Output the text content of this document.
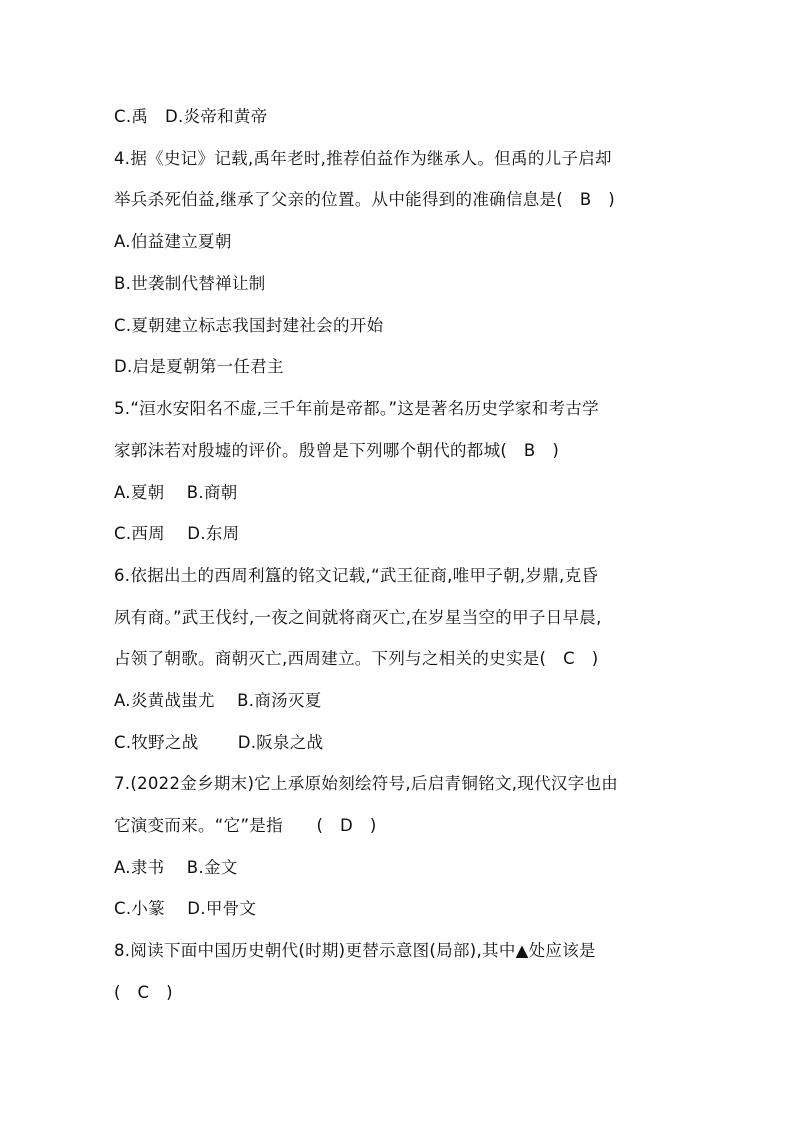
C.禹　D.炎帝和黄帝
4.据《史记》记载,禹年老时,推荐伯益作为继承人。但禹的儿子启却
举兵杀死伯益,继承了父亲的位置。从中能得到的准确信息是(　B　)
A.伯益建立夏朝
B.世袭制代替禅让制
C.夏朝建立标志我国封建社会的开始
D.启是夏朝第一任君主
5.“洹水安阳名不虚,三千年前是帝都。”这是著名历史学家和考古学
家郭沫若对殷墟的评价。殷曾是下列哪个朝代的都城(　B　)
A.夏朝　 B.商朝
C.西周　 D.东周
6.依据出土的西周利簋的铭文记载,“武王征商,唯甲子朝,岁鼎,克昏
夙有商。”武王伐纣,一夜之间就将商灭亡,在岁星当空的甲子日早晨,
占领了朝歌。商朝灭亡,西周建立。下列与之相关的史实是(　C　)
A.炎黄战蚩尤　 B.商汤灭夏
C.牧野之战　　 D.阪泉之战
7.(2022金乡期末)它上承原始刻绘符号,后启青铜铭文,现代汉字也由
它演变而来。“它”是指　　(　D　)
A.隶书　 B.金文
C.小篆　 D.甲骨文
8.阅读下面中国历史朝代(时期)更替示意图(局部),其中▲处应该是
(　C　)
